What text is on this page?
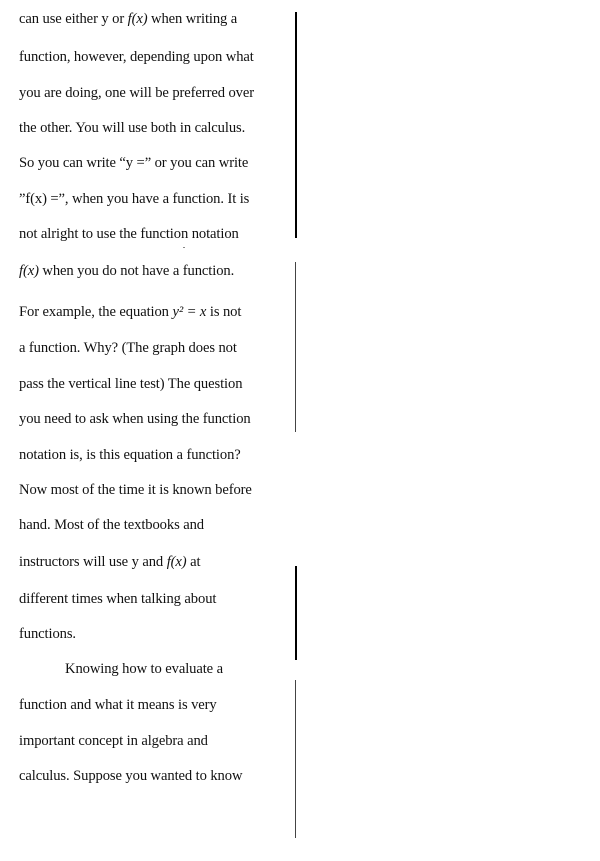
can use either y or f(x) when writing a
function, however, depending upon what
you are doing, one will be preferred over
the other. You will use both in calculus.
So you can write “y =” or you can write
”f(x) =”, when you have a function. It is
not alright to use the function notation
f(x) when you do not have a function.
For example, the equation y² = x is not
a function. Why? (The graph does not
pass the vertical line test) The question
you need to ask when using the function
notation is, is this equation a function?
Now most of the time it is known before
hand. Most of the textbooks and
instructors will use y and f(x) at
different times when talking about
functions.
Knowing how to evaluate a
function and what it means is very
important concept in algebra and
calculus. Suppose you wanted to know
